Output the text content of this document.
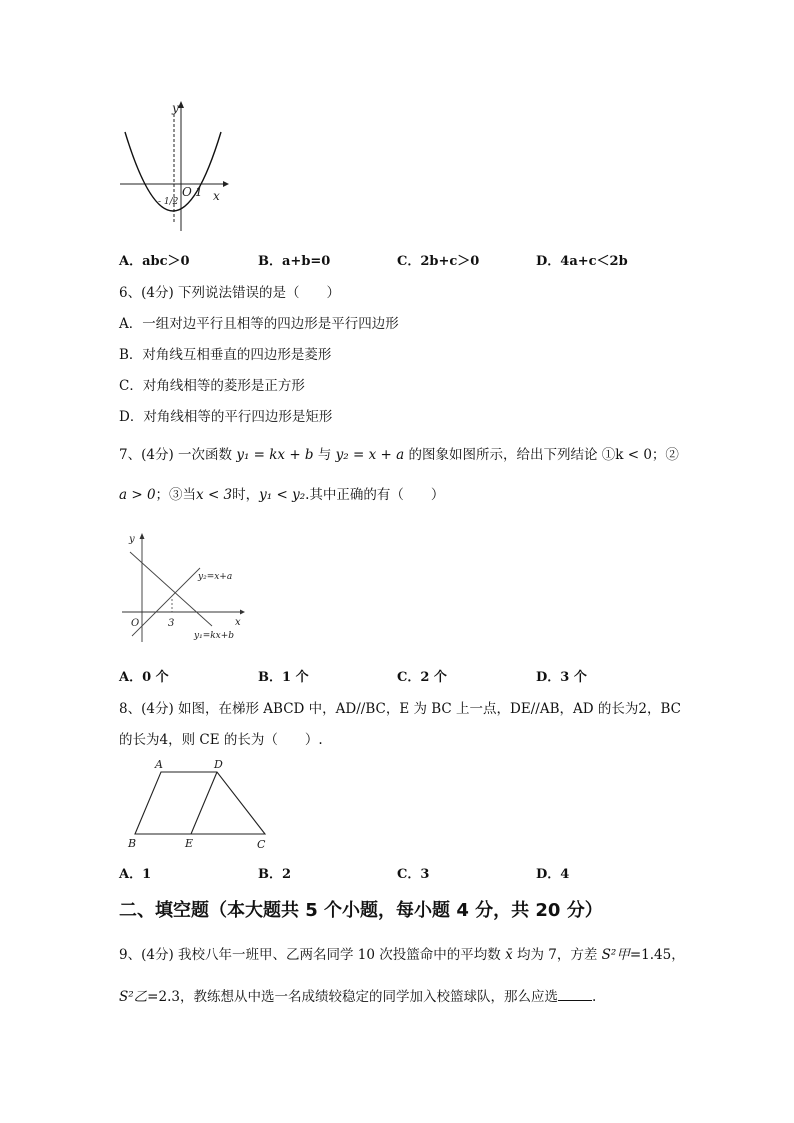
y
x
O 1
- 1/2
A．abc＞0	B．a+b=0	C．2b+c＞0	D．4a+c＜2b
6、(4分) 下列说法错误的是（　　）
A．一组对边平行且相等的四边形是平行四边形
B．对角线互相垂直的四边形是菱形
C．对角线相等的菱形是正方形
D．对角线相等的平行四边形是矩形
7、(4分) 一次函数 y₁ = kx + b 与 y₂ = x + a 的图象如图所示，给出下列结论 ①k < 0；②
a > 0；③当x < 3时，y₁ < y₂.其中正确的有（　　）
y
x
O	3
y₂=x+a
y₁=kx+b
A．0 个	B．1 个	C．2 个	D．3 个
8、(4分) 如图，在梯形 ABCD 中，AD//BC，E 为 BC 上一点，DE//AB，AD 的长为2，BC
的长为4，则 CE 的长为（　　）.
A	D
B	E	C
A．1	B．2	C．3	D．4
二、填空题（本大题共 5 个小题，每小题 4 分，共 20 分）
9、(4分) 我校八年一班甲、乙两名同学 10 次投篮命中的平均数 x̄ 均为 7，方差 S²甲=1.45，
S²乙=2.3，教练想从中选一名成绩较稳定的同学加入校篮球队，那么应选	.
